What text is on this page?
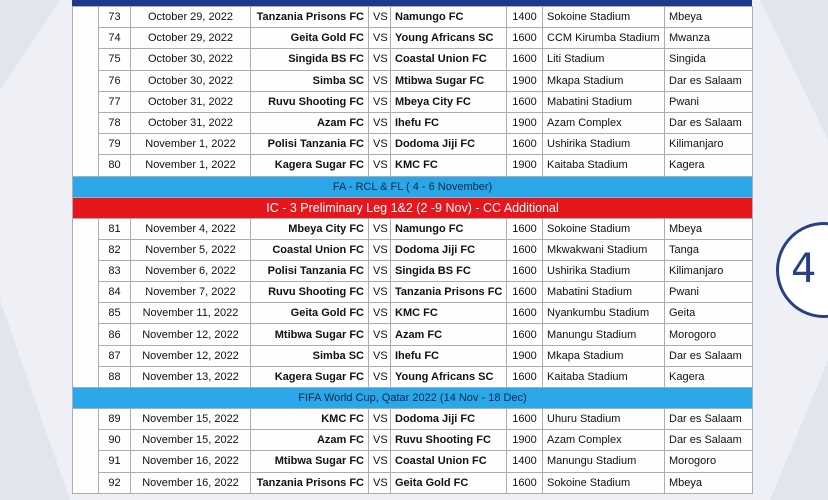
	73	October 29, 2022	Tanzania Prisons FC	VS	Namungo FC	1400	Sokoine Stadium	Mbeya
	74	October 29, 2022	Geita Gold FC	VS	Young Africans SC	1600	CCM Kirumba Stadium	Mwanza
	75	October 30, 2022	Singida BS FC	VS	Coastal Union FC	1600	Liti Stadium	Singida
	76	October 30, 2022	Simba SC	VS	Mtibwa Sugar FC	1900	Mkapa Stadium	Dar es Salaam
	77	October 31, 2022	Ruvu Shooting FC	VS	Mbeya City FC	1600	Mabatini Stadium	Pwani
	78	October 31, 2022	Azam FC	VS	Ihefu FC	1900	Azam Complex	Dar es Salaam
	79	November 1, 2022	Polisi Tanzania FC	VS	Dodoma Jiji FC	1600	Ushirika Stadium	Kilimanjaro
	80	November 1, 2022	Kagera Sugar FC	VS	KMC FC	1900	Kaitaba Stadium	Kagera
FA - RCL & FL ( 4 - 6 November)								
IC - 3 Preliminary Leg 1&2 (2 -9 Nov) - CC Additional								
	81	November 4, 2022	Mbeya City FC	VS	Namungo FC	1600	Sokoine Stadium	Mbeya
	82	November 5, 2022	Coastal Union FC	VS	Dodoma Jiji FC	1600	Mkwakwani Stadium	Tanga
	83	November 6, 2022	Polisi Tanzania FC	VS	Singida BS FC	1600	Ushirika Stadium	Kilimanjaro
	84	November 7, 2022	Ruvu Shooting FC	VS	Tanzania Prisons FC	1600	Mabatini Stadium	Pwani
	85	November 11, 2022	Geita Gold FC	VS	KMC FC	1600	Nyankumbu Stadium	Geita
	86	November 12, 2022	Mtibwa Sugar FC	VS	Azam FC	1600	Manungu Stadium	Morogoro
	87	November 12, 2022	Simba SC	VS	Ihefu FC	1900	Mkapa Stadium	Dar es Salaam
	88	November 13, 2022	Kagera Sugar FC	VS	Young Africans SC	1600	Kaitaba Stadium	Kagera
FIFA World Cup, Qatar 2022 (14 Nov - 18 Dec)								
	89	November 15, 2022	KMC FC	VS	Dodoma Jiji FC	1600	Uhuru Stadium	Dar es Salaam
	90	November 15, 2022	Azam FC	VS	Ruvu Shooting FC	1900	Azam Complex	Dar es Salaam
	91	November 16, 2022	Mtibwa Sugar FC	VS	Coastal Union FC	1400	Manungu Stadium	Morogoro
	92	November 16, 2022	Tanzania Prisons FC	VS	Geita Gold FC	1600	Sokoine Stadium	Mbeya
4
